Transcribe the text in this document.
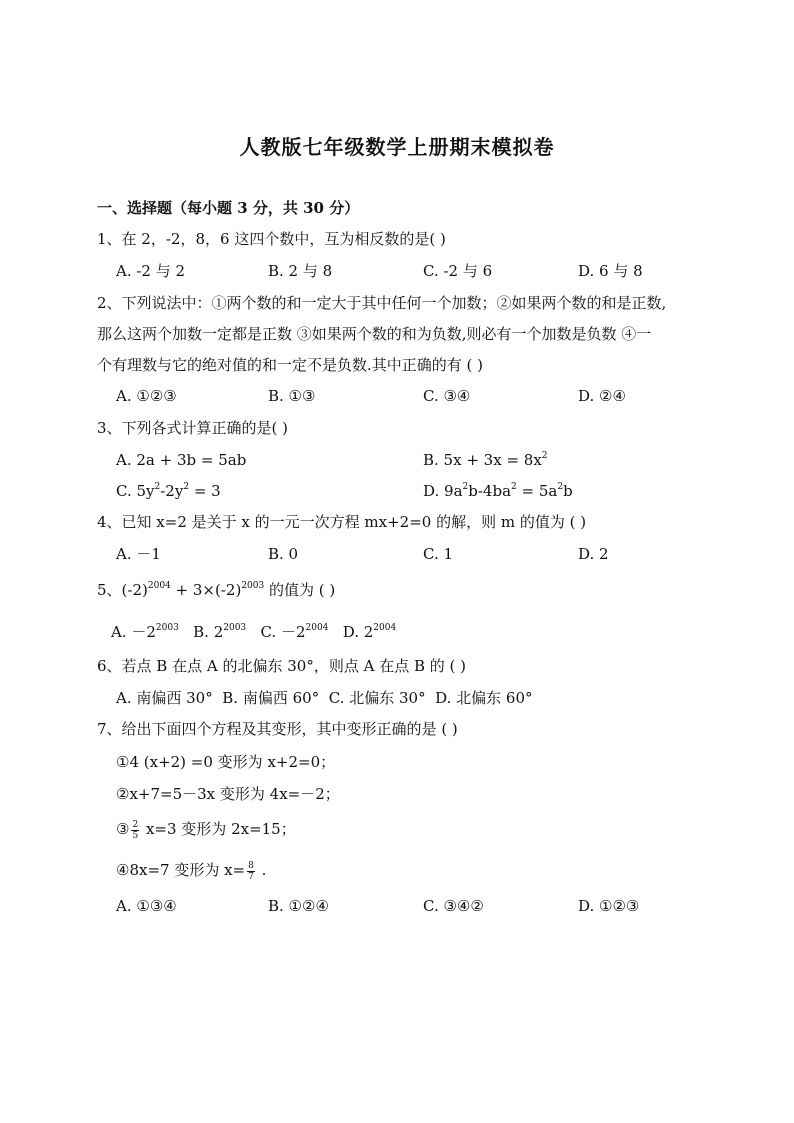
人教版七年级数学上册期末模拟卷
一、选择题（每小题 3 分，共 30 分）
1、在 2，-2，8，6 这四个数中，互为相反数的是( )
A. -2 与 2	B. 2 与 8	C. -2 与 6	D. 6 与 8
2、下列说法中：①两个数的和一定大于其中任何一个加数；②如果两个数的和是正数,
那么这两个加数一定都是正数 ③如果两个数的和为负数,则必有一个加数是负数 ④一
个有理数与它的绝对值的和一定不是负数.其中正确的有 ( )
A. ①②③	B. ①③	C. ③④	D. ②④
3、下列各式计算正确的是( )
A. 2a + 3b = 5ab	B. $5x + 3x = 8x^2$
C. $5y^2-2y^2 = 3$	D. $9a^2b-4ba^2 = 5a^2b$
4、已知 x=2 是关于 x 的一元一次方程 mx+2=0 的解，则 m 的值为 ( )
A. －1	B. 0	C. 1	D. 2
5、$(-2)^{2004} + 3\times(-2)^{2003}$ 的值为 ( )
A. $-2^{2003}$ B. $2^{2003}$ C. $-2^{2004}$ D. $2^{2004}$
6、若点 B 在点 A 的北偏东 30°，则点 A 在点 B 的 ( )
A. 南偏西 30° B. 南偏西 60° C. 北偏东 30° D. 北偏东 60°
7、给出下面四个方程及其变形，其中变形正确的是 ( )
①4 (x+2) =0 变形为 x+2=0；
②x+7=5－3x 变形为 4x=－2；
③ $\frac{2}{5} x=3$ 变形为 2x=15；
④8x=7 变形为 $x= \frac{8}{7}$ .
A. ①③④	B. ①②④	C. ③④②	D. ①②③
